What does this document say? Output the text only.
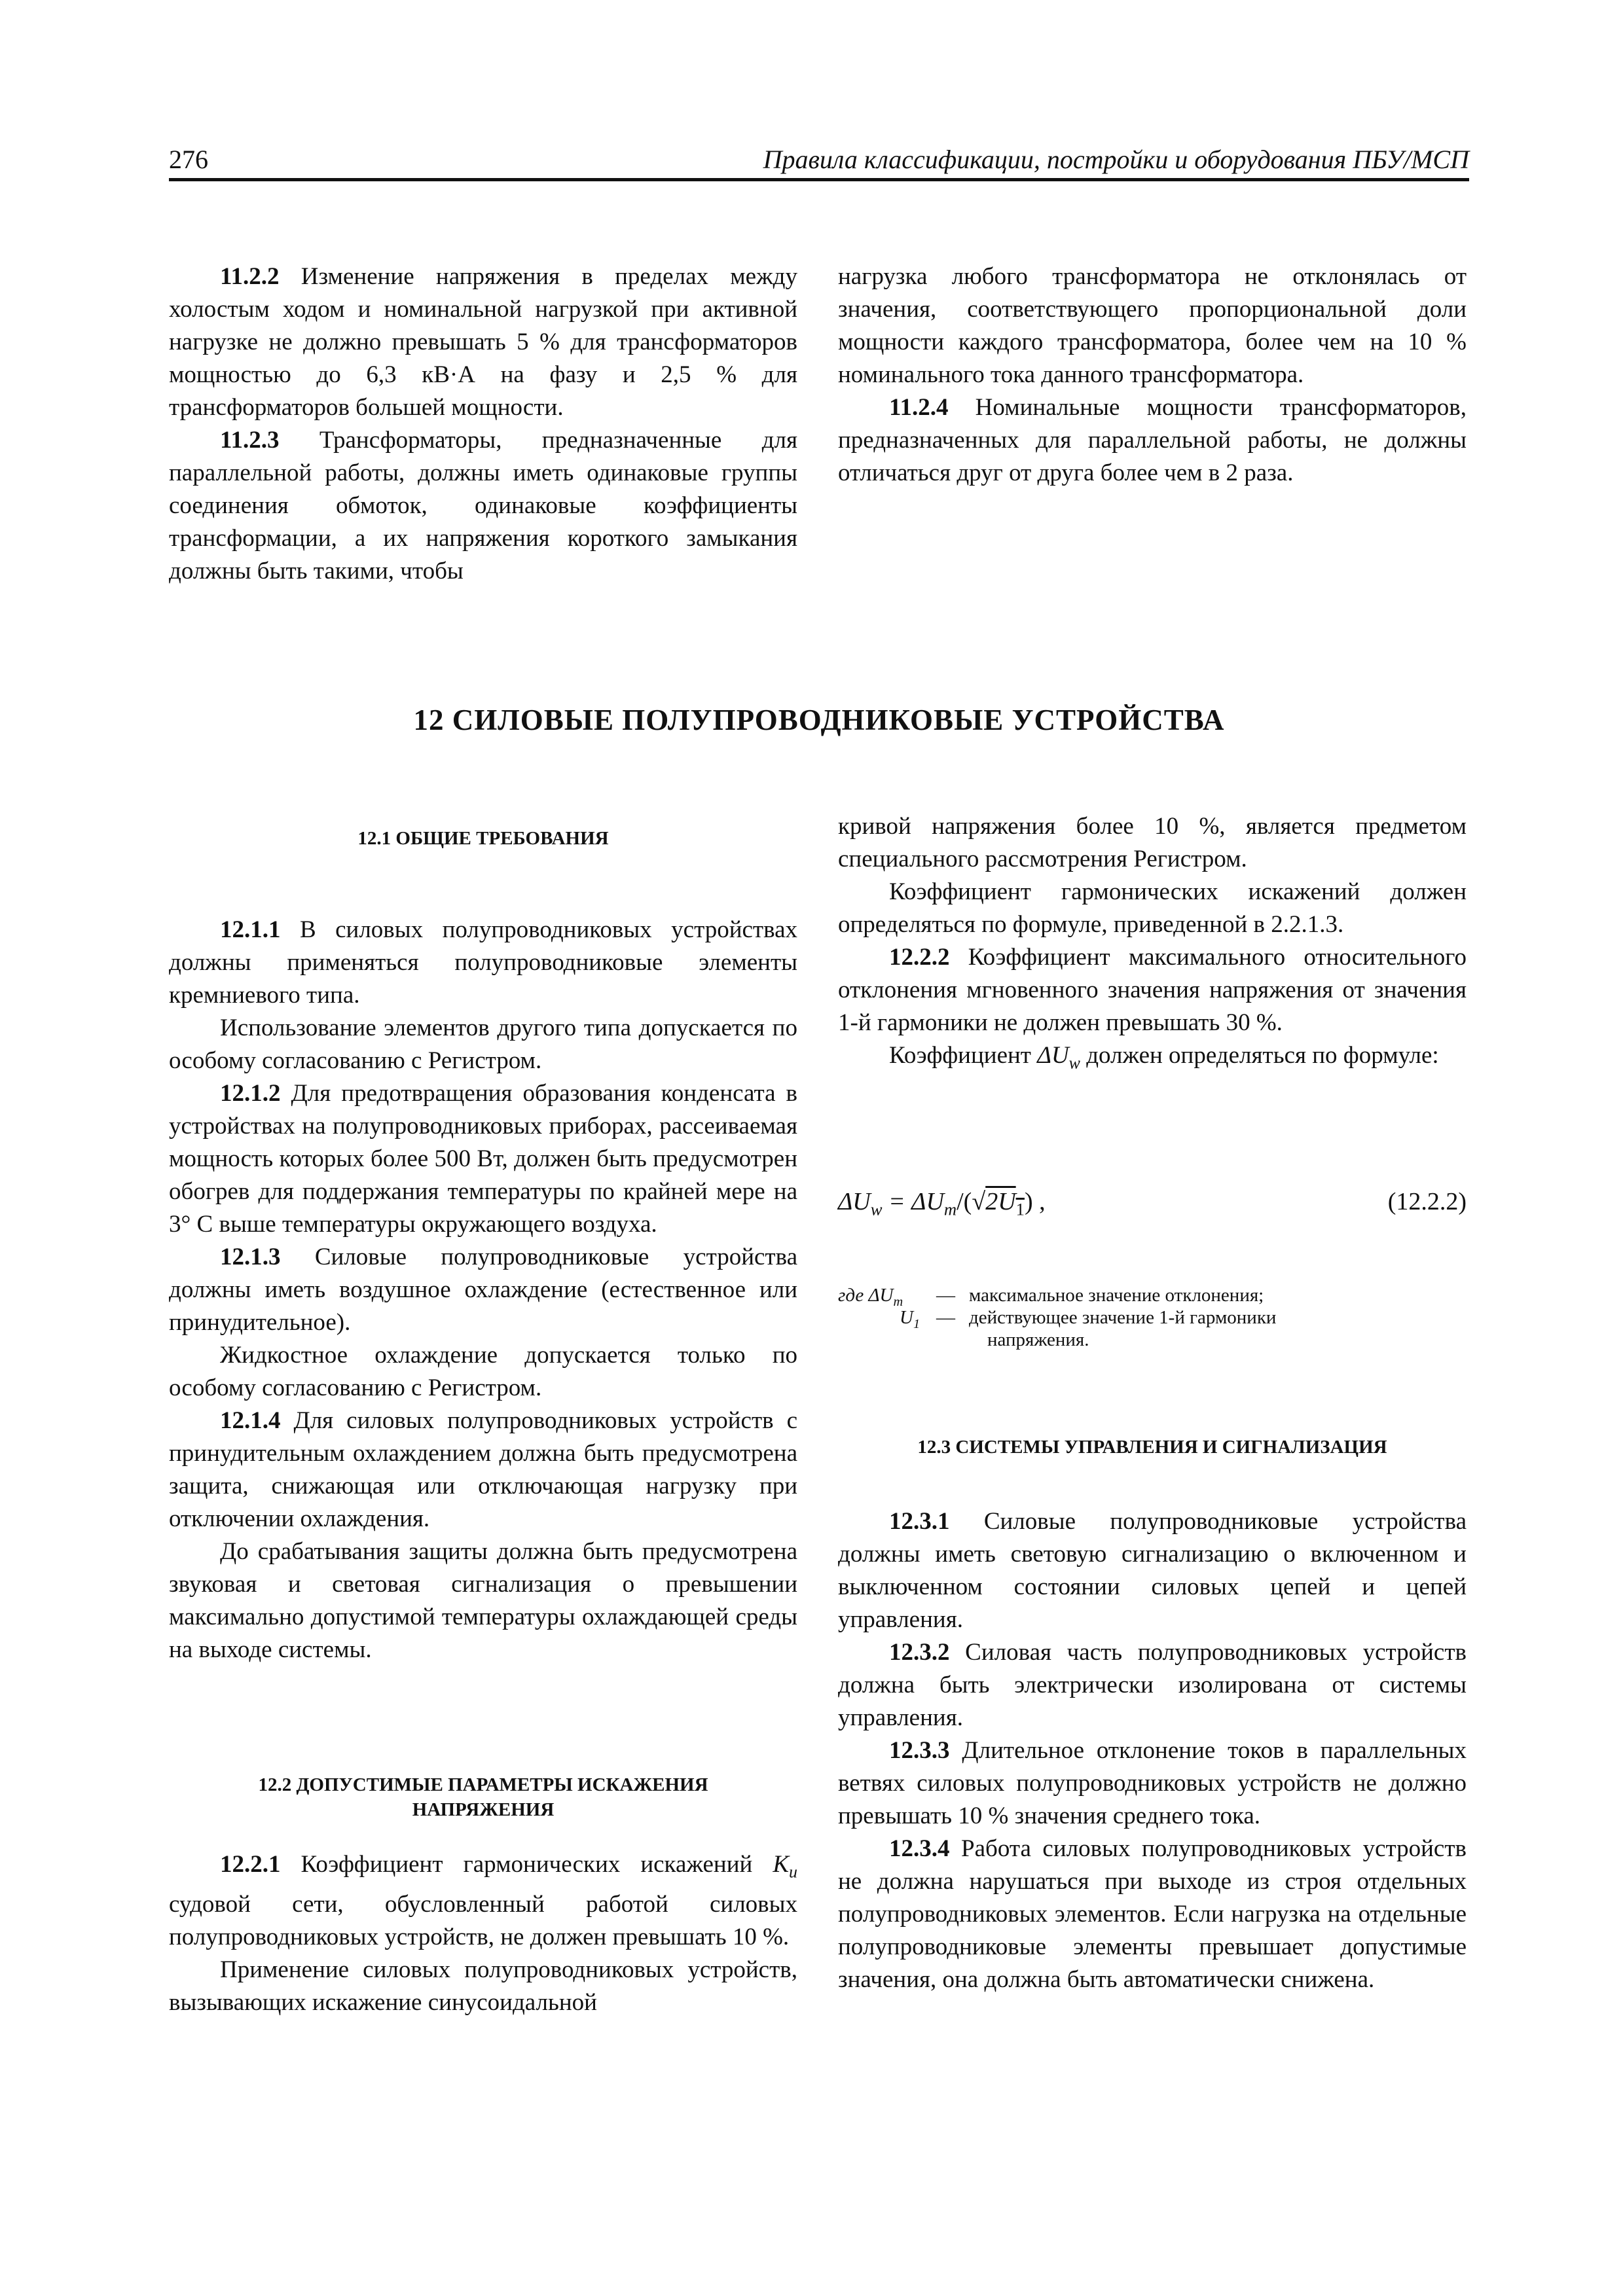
276	Правила классификации, постройки и оборудования ПБУ/МСП

11.2.2 Изменение напряжения в пределах между холостым ходом и номинальной нагрузкой при активной нагрузке не должно превышать 5 % для трансформаторов мощностью до 6,3 кВ·А на фазу и 2,5 % для трансформаторов большей мощности.

11.2.3 Трансформаторы, предназначенные для параллельной работы, должны иметь одинаковые группы соединения обмоток, одинаковые коэффициенты трансформации, а их напряжения короткого замыкания должны быть такими, чтобы

нагрузка любого трансформатора не отклонялась от значения, соответствующего пропорциональной доли мощности каждого трансформатора, более чем на 10 % номинального тока данного трансформатора.

11.2.4 Номинальные мощности трансформаторов, предназначенных для параллельной работы, не должны отличаться друг от друга более чем в 2 раза.

12 СИЛОВЫЕ ПОЛУПРОВОДНИКОВЫЕ УСТРОЙСТВА
12.1 ОБЩИЕ ТРЕБОВАНИЯ

12.1.1 В силовых полупроводниковых устройствах должны применяться полупроводниковые элементы кремниевого типа.

Использование элементов другого типа допускается по особому согласованию с Регистром.

12.1.2 Для предотвращения образования конденсата в устройствах на полупроводниковых приборах, рассеиваемая мощность которых более 500 Вт, должен быть предусмотрен обогрев для поддержания температуры по крайней мере на 3° С выше температуры окружающего воздуха.

12.1.3 Силовые полупроводниковые устройства должны иметь воздушное охлаждение (естественное или принудительное).

Жидкостное охлаждение допускается только по особому согласованию с Регистром.

12.1.4 Для силовых полупроводниковых устройств с принудительным охлаждением должна быть предусмотрена защита, снижающая или отключающая нагрузку при отключении охлаждения.

До срабатывания защиты должна быть предусмотрена звуковая и световая сигнализация о превышении максимально допустимой температуры охлаждающей среды на выходе системы.

12.2 ДОПУСТИМЫЕ ПАРАМЕТРЫ ИСКАЖЕНИЯ
НАПРЯЖЕНИЯ

12.2.1 Коэффициент гармонических искажений $K_u$ судовой сети, обусловленный работой силовых полупроводниковых устройств, не должен превышать 10 %.

Применение силовых полупроводниковых устройств, вызывающих искажение синусоидальной

кривой напряжения более 10 %, является предметом специального рассмотрения Регистром.

Коэффициент гармонических искажений должен определяться по формуле, приведенной в 2.2.1.3.

12.2.2 Коэффициент максимального относительного отклонения мгновенного значения напряжения от значения 1-й гармоники не должен превышать 30 %.

Коэффициент $\Delta U_w$ должен определяться по формуле:

$\Delta U_w = \Delta U_m/(√2U_1)$ ,	(12.2.2)
где $\Delta U_m$ — максимальное значение отклонения;
$U_1$ — действующее значение 1-й гармоники
напряжения.
12.3 СИСТЕМЫ УПРАВЛЕНИЯ И СИГНАЛИЗАЦИЯ

12.3.1 Силовые полупроводниковые устройства должны иметь световую сигнализацию о включенном и выключенном состоянии силовых цепей и цепей управления.

12.3.2 Силовая часть полупроводниковых устройств должна быть электрически изолирована от системы управления.

12.3.3 Длительное отклонение токов в параллельных ветвях силовых полупроводниковых устройств не должно превышать 10 % значения среднего тока.

12.3.4 Работа силовых полупроводниковых устройств не должна нарушаться при выходе из строя отдельных полупроводниковых элементов. Если нагрузка на отдельные полупроводниковые элементы превышает допустимые значения, она должна быть автоматически снижена.
